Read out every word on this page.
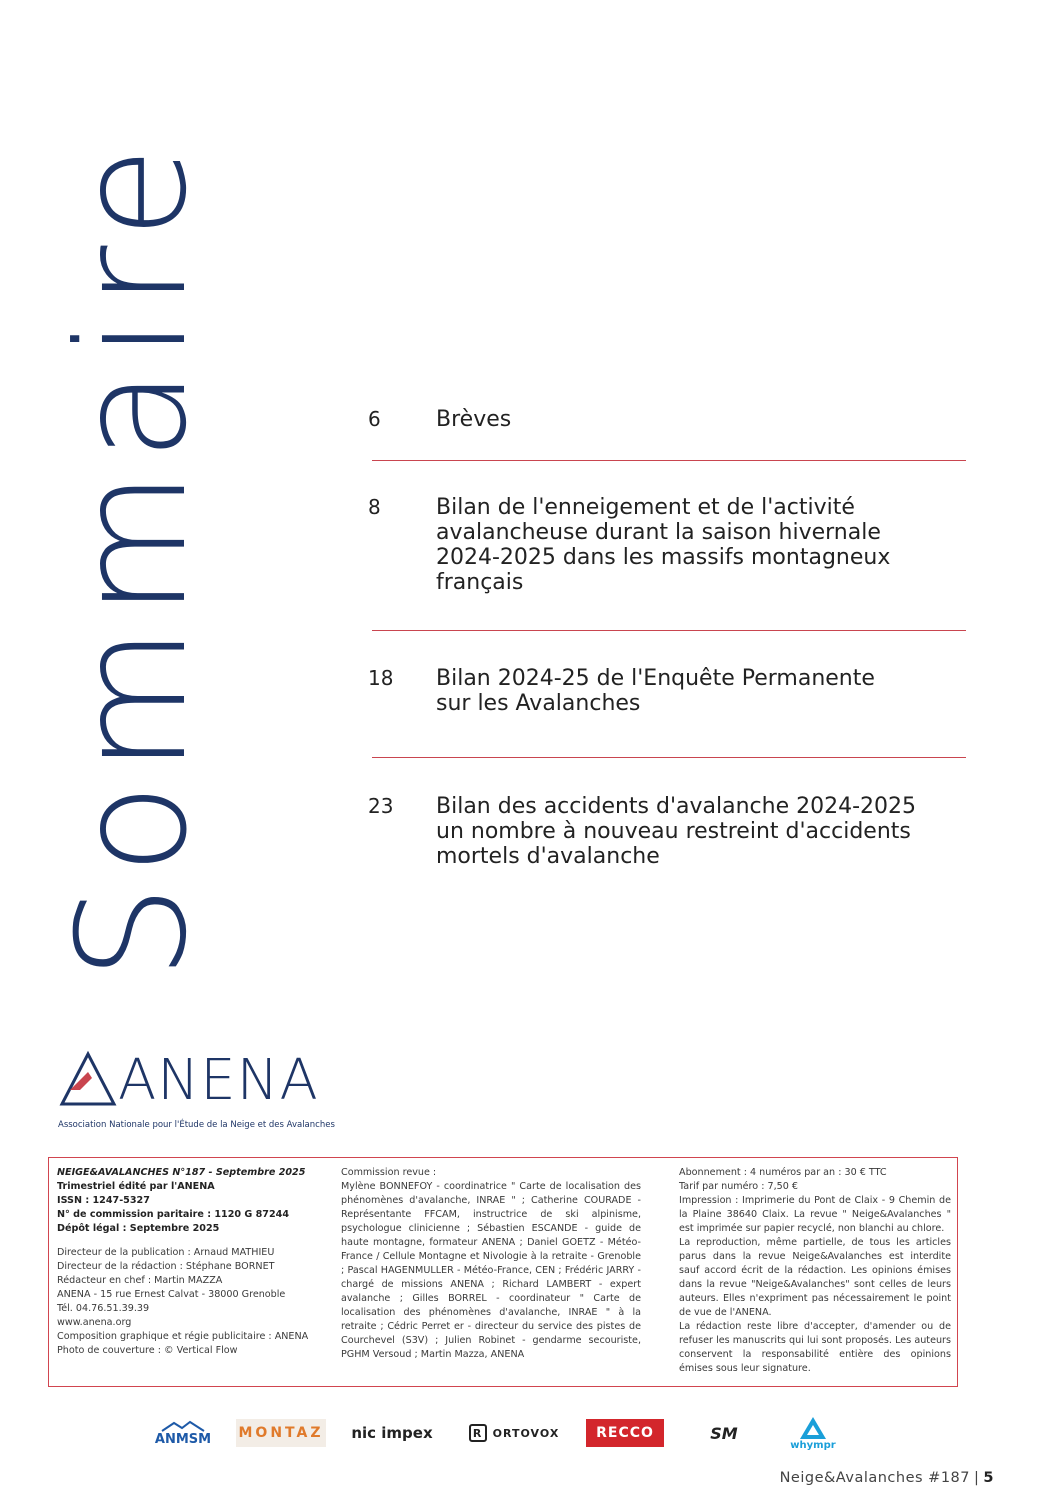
Sommaire	6	Brèves
8	Bilan de l'enneigement et de l'activité
avalancheuse durant la saison hivernale
2024-2025 dans les massifs montagneux
français
18 Bilan 2024-25 de l'Enquête Permanente
sur les Avalanches
23 Bilan des accidents d'avalanche 2024-2025
un nombre à nouveau restreint d'accidents
mortels d'avalanche
ANENA
Association Nationale pour l'Étude de la Neige et des Avalanches
NEIGE&AVALANCHES N°187 - Septembre 2025
Trimestriel édité par l'ANENA
ISSN : 1247-5327
N° de commission paritaire : 1120 G 87244
Dépôt légal : Septembre 2025
Directeur de la publication : Arnaud MATHIEU
Directeur de la rédaction : Stéphane BORNET
Rédacteur en chef : Martin MAZZA
ANENA - 15 rue Ernest Calvat - 38000 Grenoble
Tél. 04.76.51.39.39
www.anena.org
Composition graphique et régie publicitaire : ANENA
Photo de couverture : © Vertical Flow
Commission revue :
Mylène BONNEFOY - coordinatrice " Carte de localisation des phénomènes d'avalanche, INRAE " ; Catherine COURADE - Représentante FFCAM, instructrice de ski alpinisme, psychologue clinicienne ; Sébastien ESCANDE - guide de haute montagne, formateur ANENA ; Daniel GOETZ - Météo-France / Cellule Montagne et Nivologie à la retraite - Grenoble ; Pascal HAGENMULLER - Météo-France, CEN ; Frédéric JARRY - chargé de missions ANENA ; Richard LAMBERT - expert avalanche ; Gilles BORREL - coordinateur " Carte de localisation des phénomènes d'avalanche, INRAE " à la retraite ; Cédric Perret er - directeur du service des pistes de Courchevel (S3V) ; Julien Robinet - gendarme secouriste, PGHM Versoud ; Martin Mazza, ANENA
Abonnement : 4 numéros par an : 30 € TTC
Tarif par numéro : 7,50 €
Impression : Imprimerie du Pont de Claix - 9 Chemin de la Plaine 38640 Claix. La revue " Neige&Avalanches " est imprimée sur papier recyclé, non blanchi au chlore.
La reproduction, même partielle, de tous les articles parus dans la revue Neige&Avalanches est interdite sauf accord écrit de la rédaction. Les opinions émises dans la revue "Neige&Avalanches" sont celles de leurs auteurs. Elles n'expriment pas nécessairement le point de vue de l'ANENA.
La rédaction reste libre d'accepter, d'amender ou de refuser les manuscrits qui lui sont proposés. Les auteurs conservent la responsabilité entière des opinions émises sous leur signature.
ANMSM MONTAZ	nic impex	R ORTOVOX	RECCO	SM
whympr
Neige&Avalanches #187 | 5
